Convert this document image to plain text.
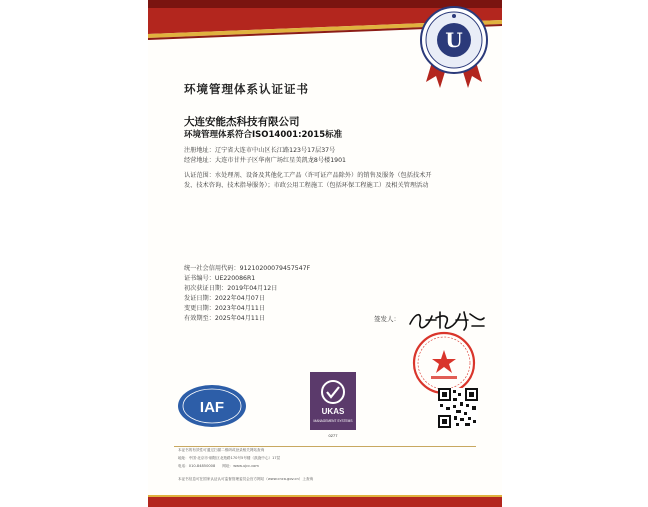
U
环境管理体系认证证书
大连安能杰科技有限公司
环境管理体系符合ISO14001:2015标准
注册地址：辽宁省大连市中山区长江路123号17层37号
经营地址：大连市甘井子区华南广场红星美凯龙8号楼1901
认证范围：水处理剂、设备及其他化工产品（许可证产品除外）的销售及服务（包括技术开
发、技术咨询、技术指导服务）；市政公用工程施工（包括环保工程施工）及相关管理活动
统一社会信用代码：91210200079457547F
证书编号：UE220086R1
初次获证日期：2019年04月12日
发证日期：2022年04月07日
变更日期：2023年04月11日
有效期至：2025年04月11日	签发人：
IAF	UKAS
MANAGEMENT SYSTEMS
0277
本证书的有效性可通过扫描二维码或登录相关网站查询
地址：中国·北京市·朝阳区北苑路170号5号楼（凯旋中心）17层
电话：010-84850008　　网址：www.ujcc.com
本证书信息可在国家认证认可监督管理委员会官方网站（www.cnca.gov.cn）上查询
